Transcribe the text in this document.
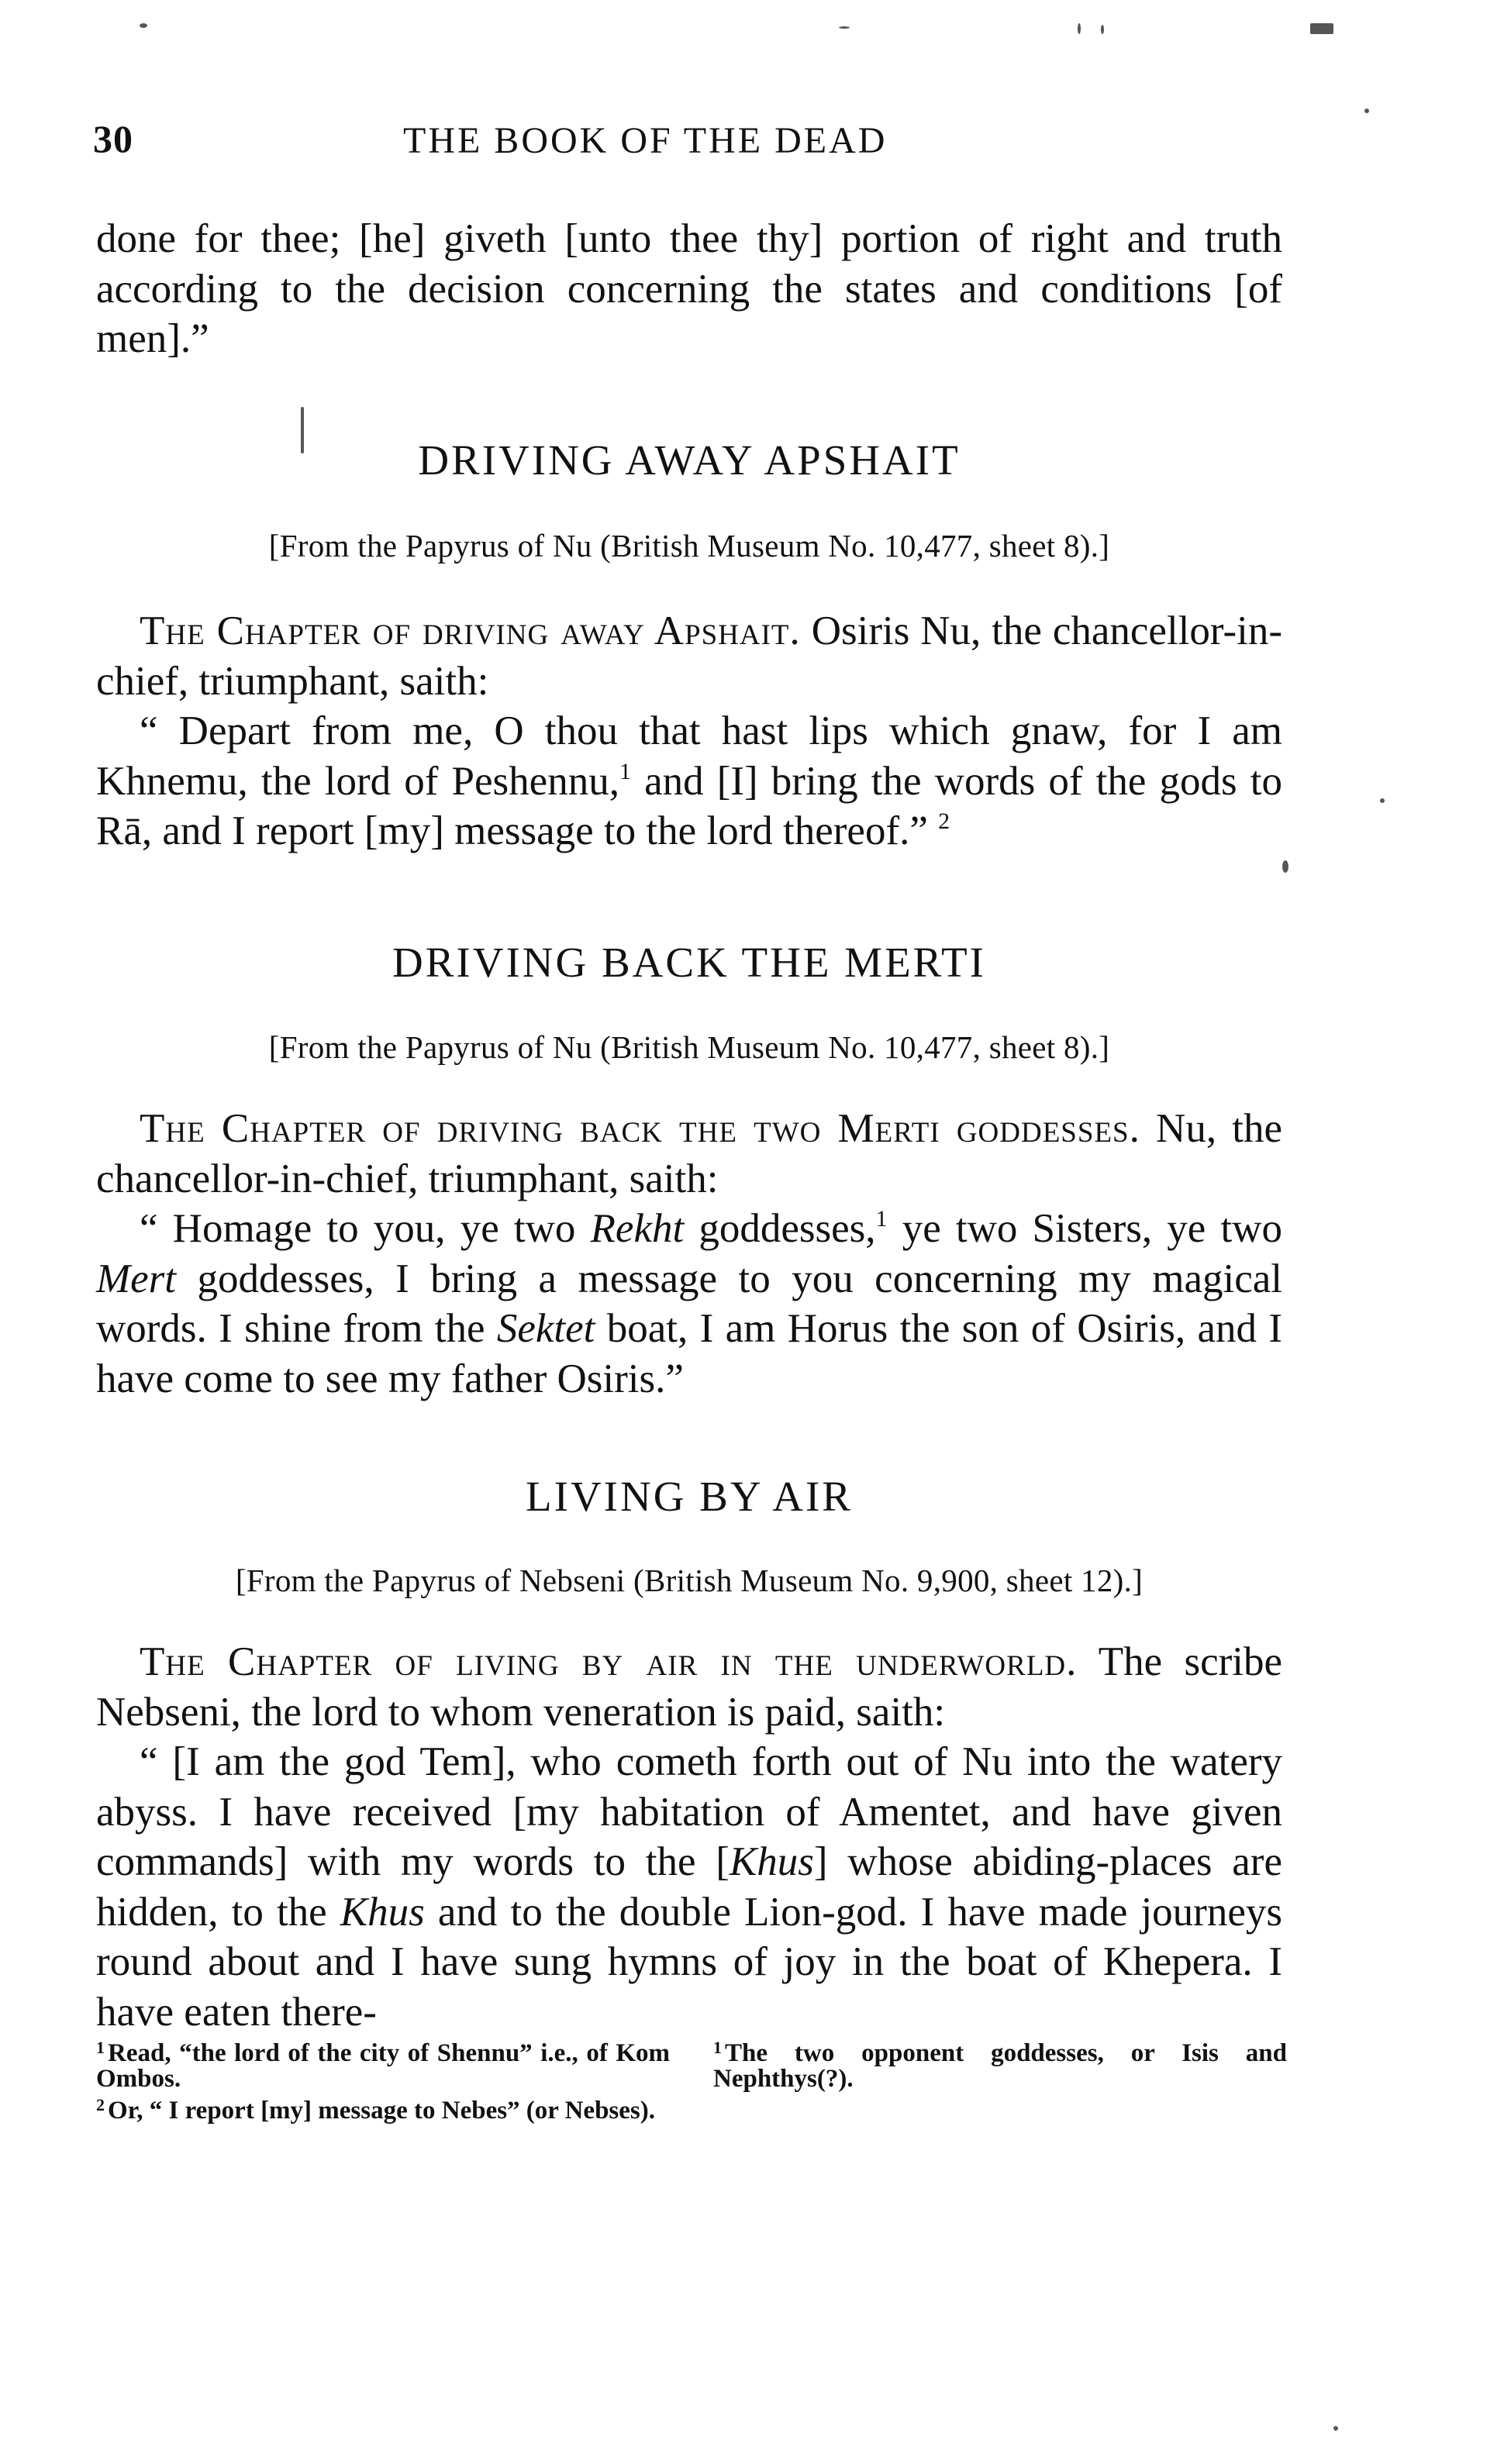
30	THE BOOK OF THE DEAD

done for thee; [he] giveth [unto thee thy] portion of right and truth according to the decision concerning the states and conditions [of men].”

DRIVING AWAY APSHAIT
[From the Papyrus of Nu (British Museum No. 10,477, sheet 8).]

The Chapter of driving away Apshait. Osiris Nu, the chancellor-in-chief, triumphant, saith:

“ Depart from me, O thou that hast lips which gnaw, for I am Khnemu, the lord of Peshennu,$^1$ and [I] bring the words of the gods to Rā, and I report [my] message to the lord thereof.” $^2$

DRIVING BACK THE MERTI
[From the Papyrus of Nu (British Museum No. 10,477, sheet 8).]

The Chapter of driving back the two Merti goddesses. Nu, the chancellor-in-chief, triumphant, saith:

“ Homage to you, ye two Rekht goddesses,$^1$ ye two Sisters, ye two Mert goddesses, I bring a message to you concerning my magical words. I shine from the Sektet boat, I am Horus the son of Osiris, and I have come to see my father Osiris.”

LIVING BY AIR
[From the Papyrus of Nebseni (British Museum No. 9,900, sheet 12).]

The Chapter of living by air in the underworld. The scribe Nebseni, the lord to whom veneration is paid, saith:

“ [I am the god Tem], who cometh forth out of Nu into the watery abyss. I have received [my habitation of Amentet, and have given commands] with my words to the [Khus] whose abiding-places are hidden, to the Khus and to the double Lion-god. I have made journeys round about and I have sung hymns of joy in the boat of Khepera. I have eaten there-

$^1$ Read, “the lord of the city of Shennu” i.e., of Kom Ombos.

$^2$ Or, “ I report [my] message to Nebes” (or Nebses).

$^1$ The two opponent goddesses, or Isis and Nephthys(?).
